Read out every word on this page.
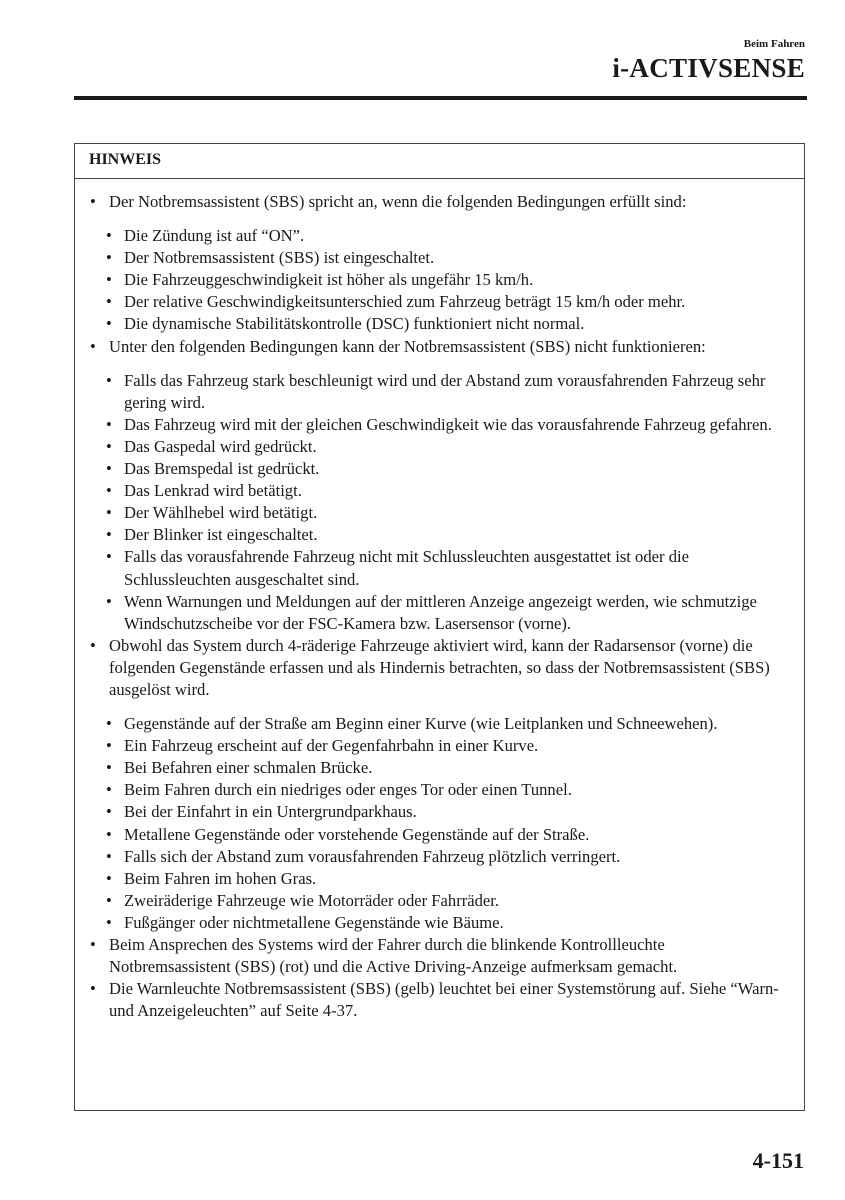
Beim Fahren
i-ACTIVSENSE
HINWEIS
• Der Notbremsassistent (SBS) spricht an, wenn die folgenden Bedingungen erfüllt sind:
• Die Zündung ist auf “ON”.
• Der Notbremsassistent (SBS) ist eingeschaltet.
• Die Fahrzeuggeschwindigkeit ist höher als ungefähr 15 km/h.
• Der relative Geschwindigkeitsunterschied zum Fahrzeug beträgt 15 km/h oder mehr.
• Die dynamische Stabilitätskontrolle (DSC) funktioniert nicht normal.
• Unter den folgenden Bedingungen kann der Notbremsassistent (SBS) nicht funktionieren:
• Falls das Fahrzeug stark beschleunigt wird und der Abstand zum vorausfahrenden Fahrzeug sehr gering wird.
• Das Fahrzeug wird mit der gleichen Geschwindigkeit wie das vorausfahrende Fahrzeug gefahren.
• Das Gaspedal wird gedrückt.
• Das Bremspedal ist gedrückt.
• Das Lenkrad wird betätigt.
• Der Wählhebel wird betätigt.
• Der Blinker ist eingeschaltet.
• Falls das vorausfahrende Fahrzeug nicht mit Schlussleuchten ausgestattet ist oder die Schlussleuchten ausgeschaltet sind.
• Wenn Warnungen und Meldungen auf der mittleren Anzeige angezeigt werden, wie schmutzige Windschutzscheibe vor der FSC-Kamera bzw. Lasersensor (vorne).
• Obwohl das System durch 4-räderige Fahrzeuge aktiviert wird, kann der Radarsensor (vorne) die folgenden Gegenstände erfassen und als Hindernis betrachten, so dass der Notbremsassistent (SBS) ausgelöst wird.
• Gegenstände auf der Straße am Beginn einer Kurve (wie Leitplanken und Schneewehen).
• Ein Fahrzeug erscheint auf der Gegenfahrbahn in einer Kurve.
• Bei Befahren einer schmalen Brücke.
• Beim Fahren durch ein niedriges oder enges Tor oder einen Tunnel.
• Bei der Einfahrt in ein Untergrundparkhaus.
• Metallene Gegenstände oder vorstehende Gegenstände auf der Straße.
• Falls sich der Abstand zum vorausfahrenden Fahrzeug plötzlich verringert.
• Beim Fahren im hohen Gras.
• Zweiräderige Fahrzeuge wie Motorräder oder Fahrräder.
• Fußgänger oder nichtmetallene Gegenstände wie Bäume.
• Beim Ansprechen des Systems wird der Fahrer durch die blinkende Kontrollleuchte Notbremsassistent (SBS) (rot) und die Active Driving-Anzeige aufmerksam gemacht.
• Die Warnleuchte Notbremsassistent (SBS) (gelb) leuchtet bei einer Systemstörung auf. Siehe “Warn- und Anzeigeleuchten” auf Seite 4-37.
4-151
